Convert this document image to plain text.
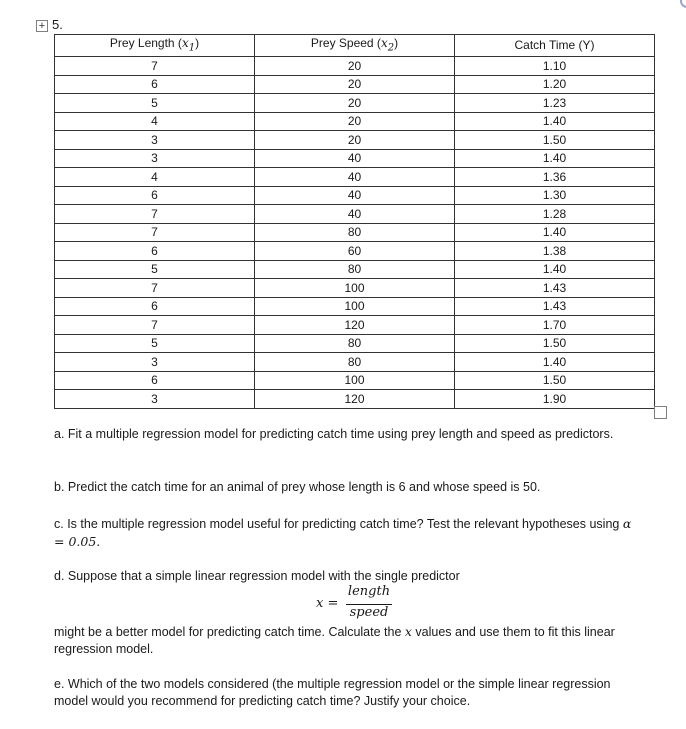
+ 5.
Prey Length $(x_1)$	Prey Speed $(x_2)$	Catch Time (Y)
7	20	1.10
6	20	1.20
5	20	1.23
4	20	1.40
3	20	1.50
3	40	1.40
4	40	1.36
6	40	1.30
7	40	1.28
7	80	1.40
6	60	1.38
5	80	1.40
7	100	1.43
6	100	1.43
7	120	1.70
5	80	1.50
3	80	1.40
6	100	1.50
3	120	1.90
a. Fit a multiple regression model for predicting catch time using prey length and speed as predictors.
b. Predict the catch time for an animal of prey whose length is 6 and whose speed is 50.
c. Is the multiple regression model useful for predicting catch time? Test the relevant hypotheses using α = 0.05.
d. Suppose that a simple linear regression model with the single predictor
x =
length
speed
might be a better model for predicting catch time. Calculate the x values and use them to fit this linear regression model.
e. Which of the two models considered (the multiple regression model or the simple linear regression model would you recommend for predicting catch time? Justify your choice.
